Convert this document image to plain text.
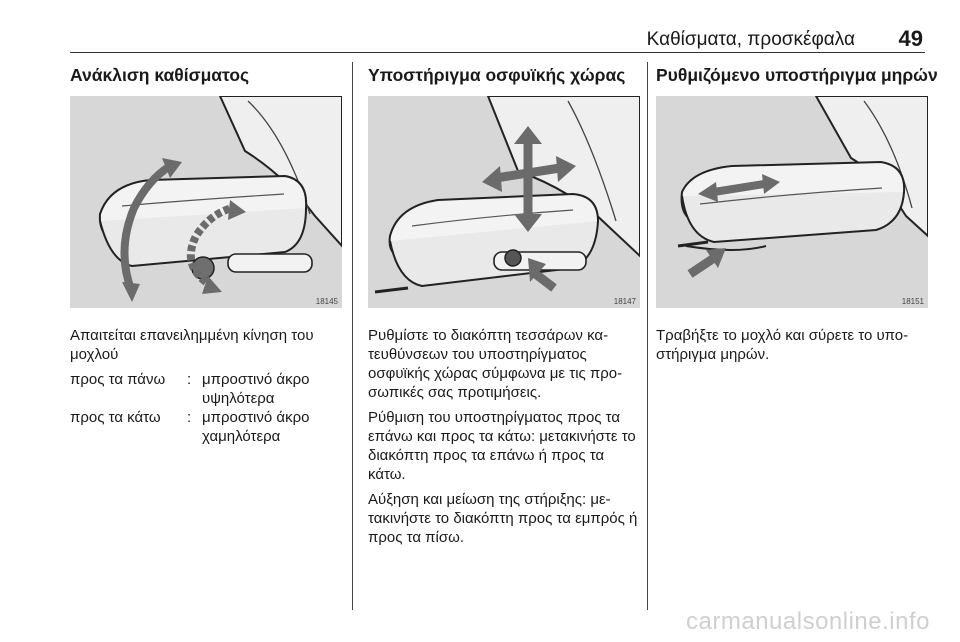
Καθίσματα, προσκέφαλα 49
Ανάκλιση καθίσματος
18145

Απαιτείται επανειλημμένη κίνηση του μοχλού

προς τα πάνω	: μπροστινό άκρο υψηλότερα
προς τα κάτω	: μπροστινό άκρο χαμηλότερα
Υποστήριγμα οσφυϊκής χώρας
18147

Ρυθμίστε το διακόπτη τεσσάρων κα- τευθύνσεων του υποστηρίγματος οσφυϊκής χώρας σύμφωνα με τις προ- σωπικές σας προτιμήσεις.

Ρύθμιση του υποστηρίγματος προς τα επάνω και προς τα κάτω: μετακινήστε το διακόπτη προς τα επάνω ή προς τα κάτω.

Αύξηση και μείωση της στήριξης: με- τακινήστε το διακόπτη προς τα εμπρός ή προς τα πίσω.

Ρυθμιζόμενο υποστήριγμα μηρών
18151

Τραβήξτε το μοχλό και σύρετε το υπο- στήριγμα μηρών.

carmanualsonline.info
